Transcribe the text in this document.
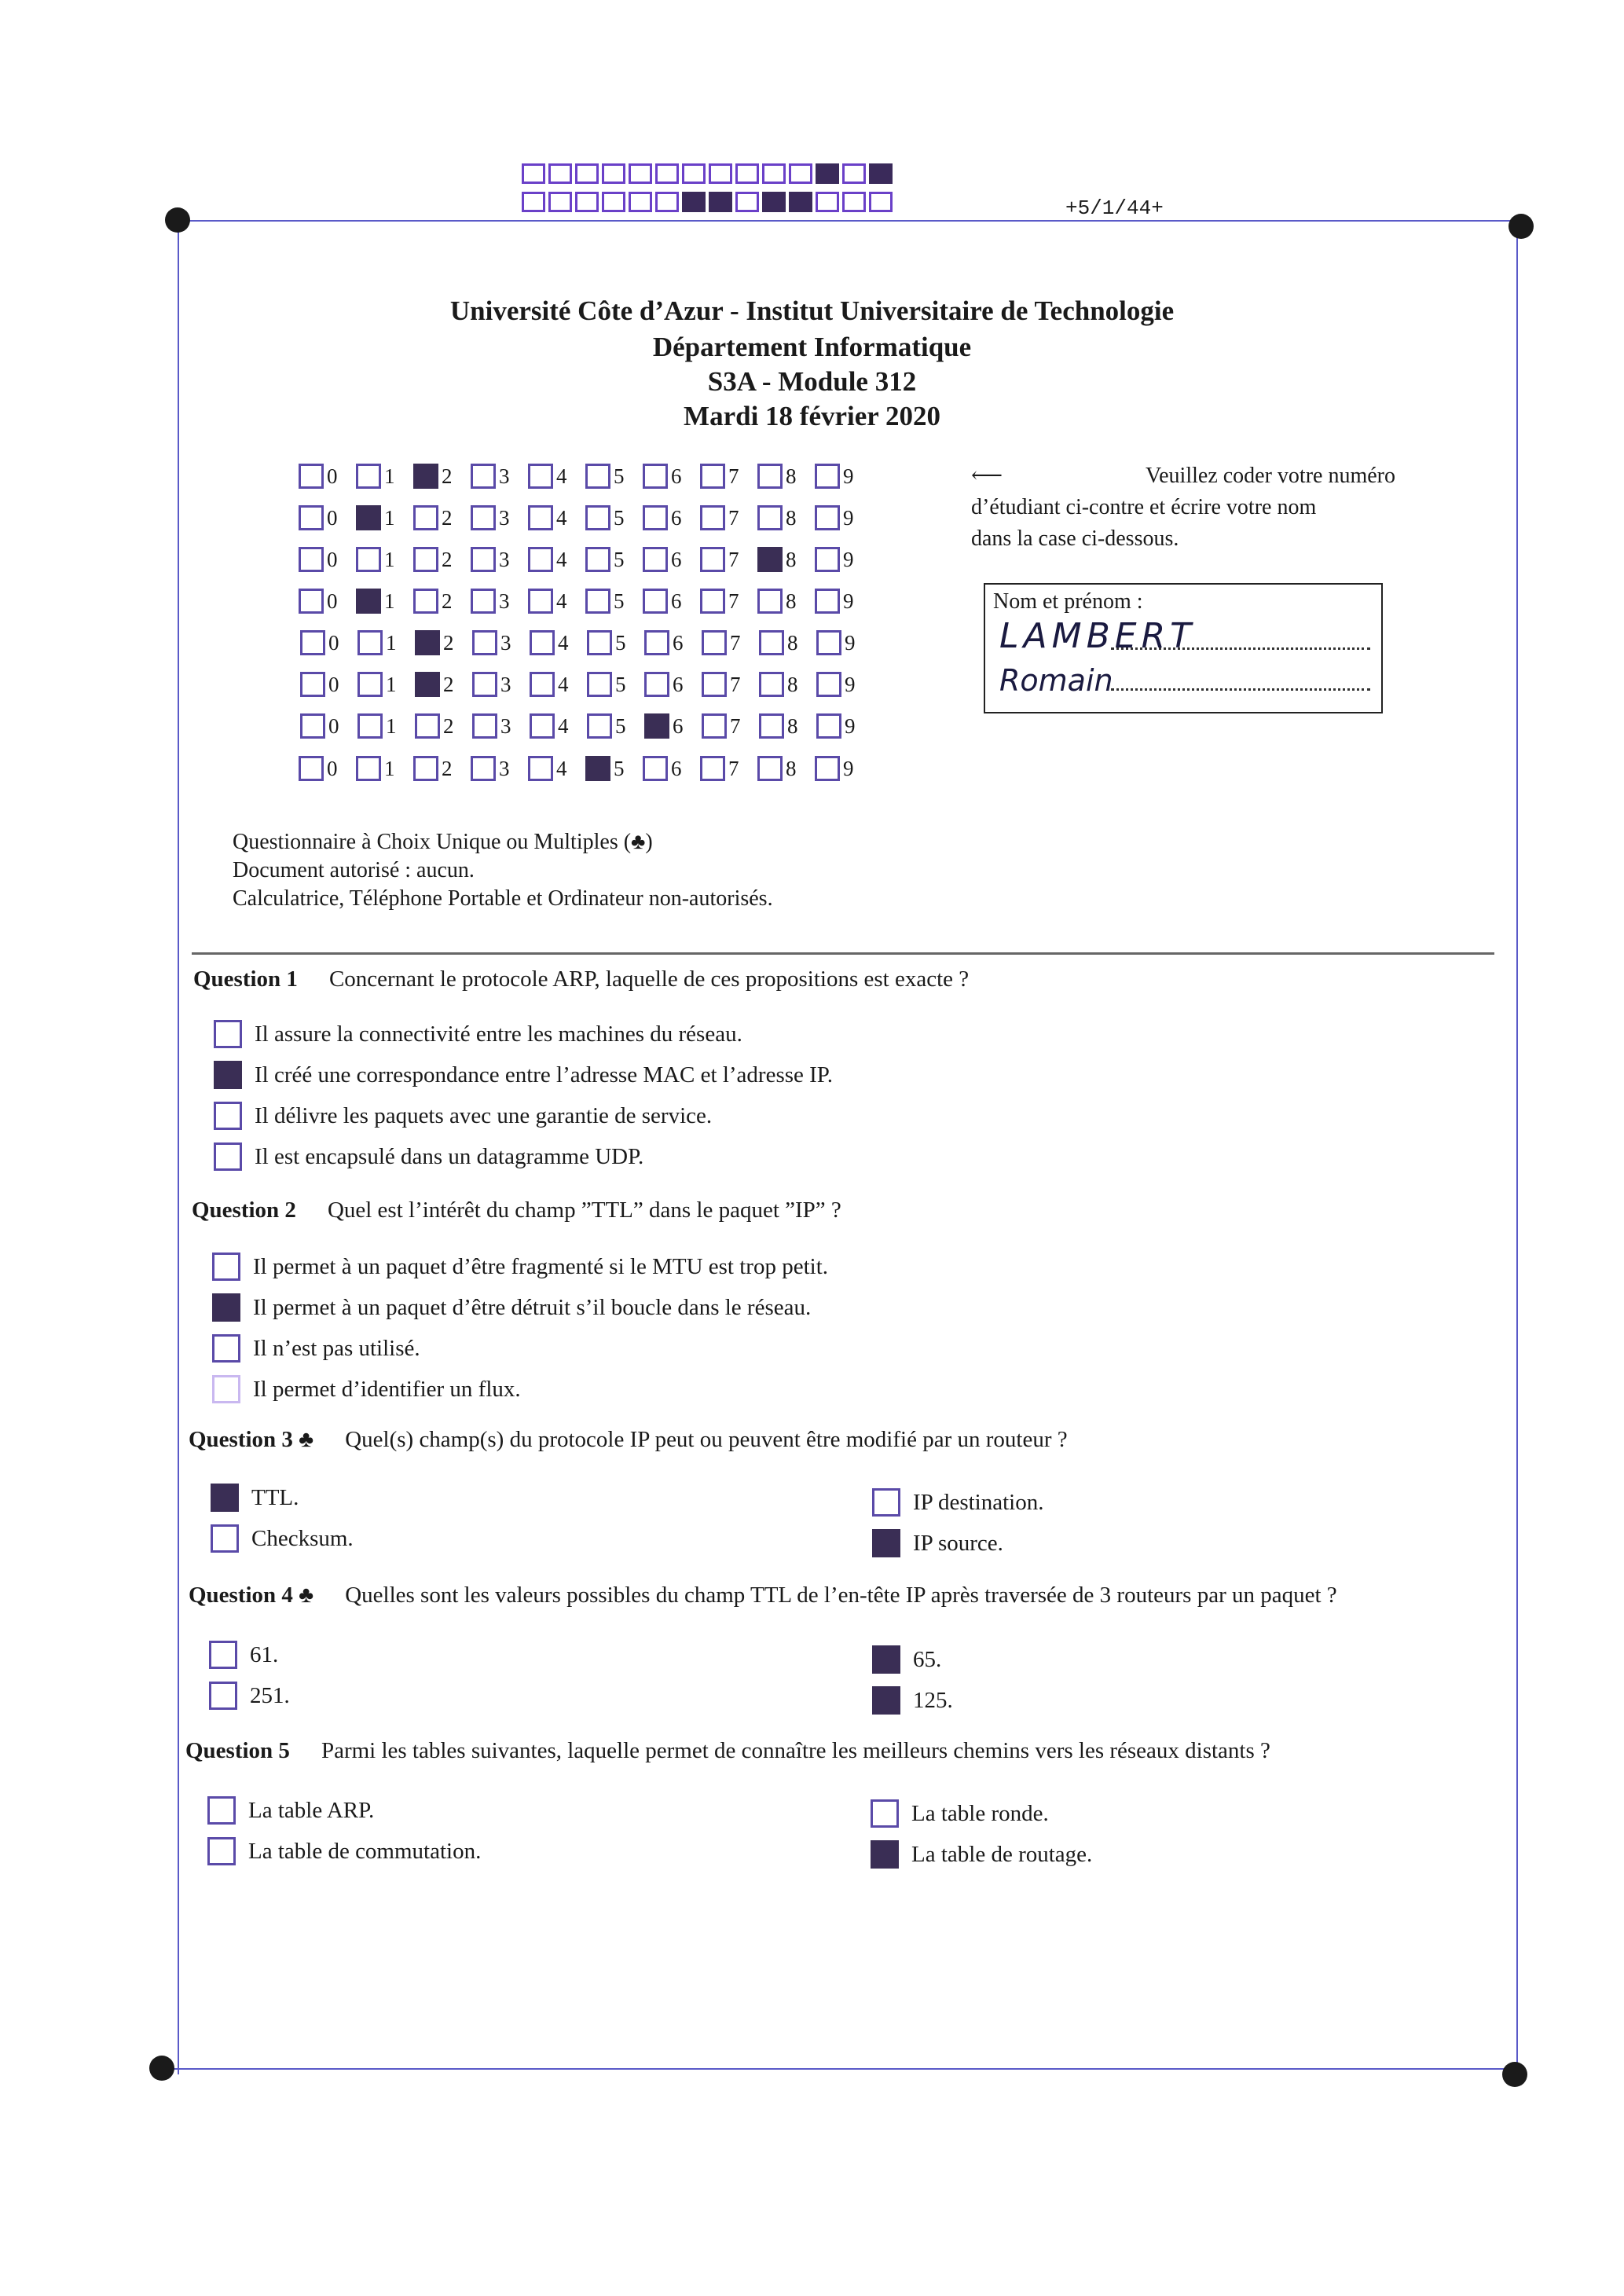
+5/1/44+
Université Côte d’Azur - Institut Universitaire de Technologie
Département Informatique
S3A - Module 312
Mardi 18 février 2020
0 1 2 3 4 5 6 7 8 9
0 1 2 3 4 5 6 7 8 9
0 1 2 3 4 5 6 7 8 9
0 1 2 3 4 5 6 7 8 9
0 1 2 3 4 5 6 7 8 9
0 1 2 3 4 5 6 7 8 9
0 1 2 3 4 5 6 7 8 9
0 1 2 3 4 5 6 7 8 9
⟵	Veuillez coder votre numéro
d’étudiant ci-contre et écrire votre nom
dans la case ci-dessous.
Nom et prénom :
LAMBERT
Romain
Questionnaire à Choix Unique ou Multiples (♣)
Document autorisé : aucun.
Calculatrice, Téléphone Portable et Ordinateur non-autorisés.
Question 1 Concernant le protocole ARP, laquelle de ces propositions est exacte ?
Il assure la connectivité entre les machines du réseau.
Il créé une correspondance entre l’adresse MAC et l’adresse IP.
Il délivre les paquets avec une garantie de service.
Il est encapsulé dans un datagramme UDP.
Question 2 Quel est l’intérêt du champ ”TTL” dans le paquet ”IP” ?
Il permet à un paquet d’être fragmenté si le MTU est trop petit.
Il permet à un paquet d’être détruit s’il boucle dans le réseau.
Il n’est pas utilisé.
Il permet d’identifier un flux.
Question 3 ♣ Quel(s) champ(s) du protocole IP peut ou peuvent être modifié par un routeur ?
TTL.
Checksum.
IP destination.
IP source.
Question 4 ♣ Quelles sont les valeurs possibles du champ TTL de l’en-tête IP après traversée de 3 routeurs par un paquet ?
61.
251.
65.
125.
Question 5 Parmi les tables suivantes, laquelle permet de connaître les meilleurs chemins vers les réseaux distants ?
La table ARP.
La table de commutation.
La table ronde.
La table de routage.
